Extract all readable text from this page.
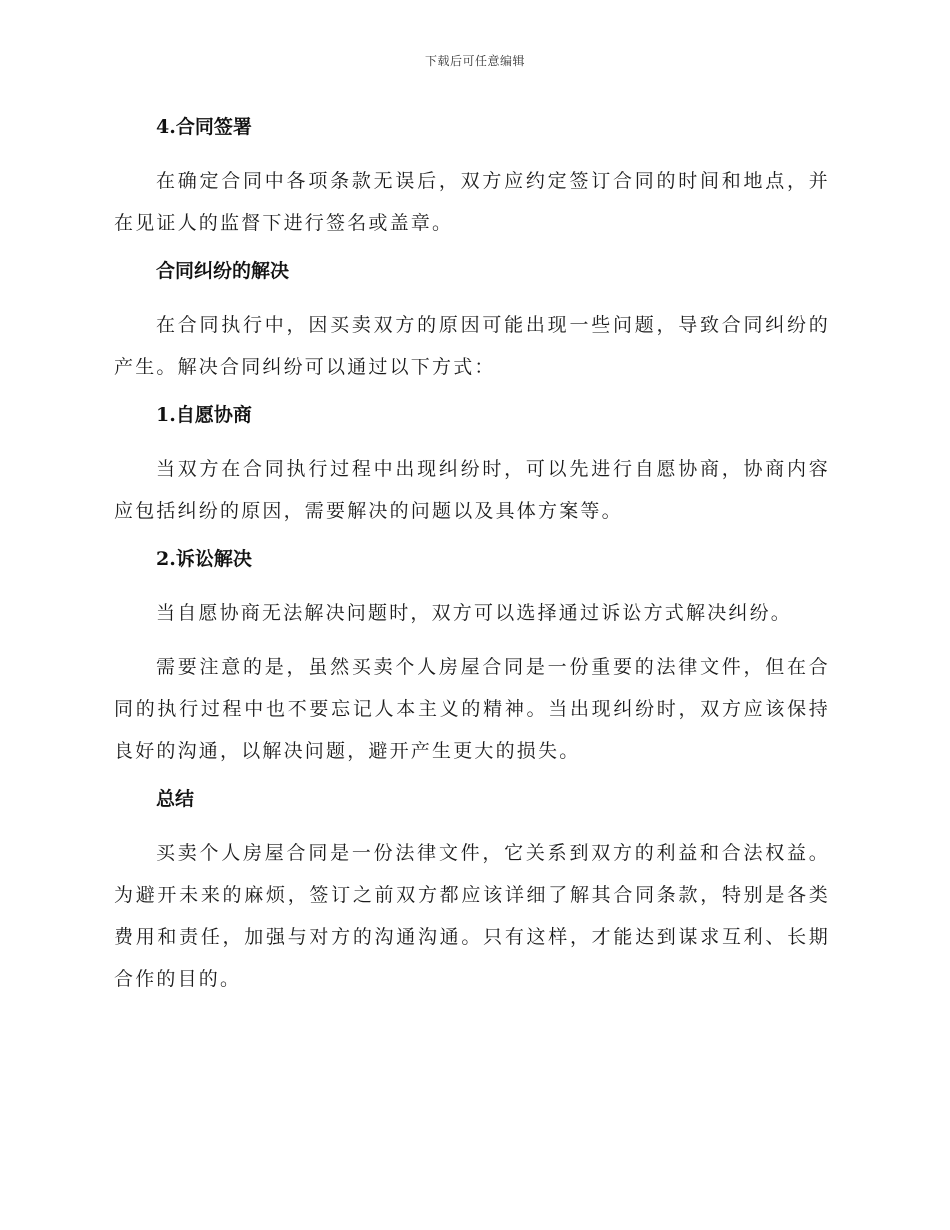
下载后可任意编辑
4.合同签署

在确定合同中各项条款无误后，双方应约定签订合同的时间和地点，并在见证人的监督下进行签名或盖章。

合同纠纷的解决

在合同执行中，因买卖双方的原因可能出现一些问题，导致合同纠纷的产生。解决合同纠纷可以通过以下方式：

1.自愿协商

当双方在合同执行过程中出现纠纷时，可以先进行自愿协商，协商内容应包括纠纷的原因，需要解决的问题以及具体方案等。

2.诉讼解决

当自愿协商无法解决问题时，双方可以选择通过诉讼方式解决纠纷。

需要注意的是，虽然买卖个人房屋合同是一份重要的法律文件，但在合同的执行过程中也不要忘记人本主义的精神。当出现纠纷时，双方应该保持良好的沟通，以解决问题，避开产生更大的损失。

总结

买卖个人房屋合同是一份法律文件，它关系到双方的利益和合法权益。为避开未来的麻烦，签订之前双方都应该详细了解其合同条款，特别是各类费用和责任，加强与对方的沟通沟通。只有这样，才能达到谋求互利、长期合作的目的。
